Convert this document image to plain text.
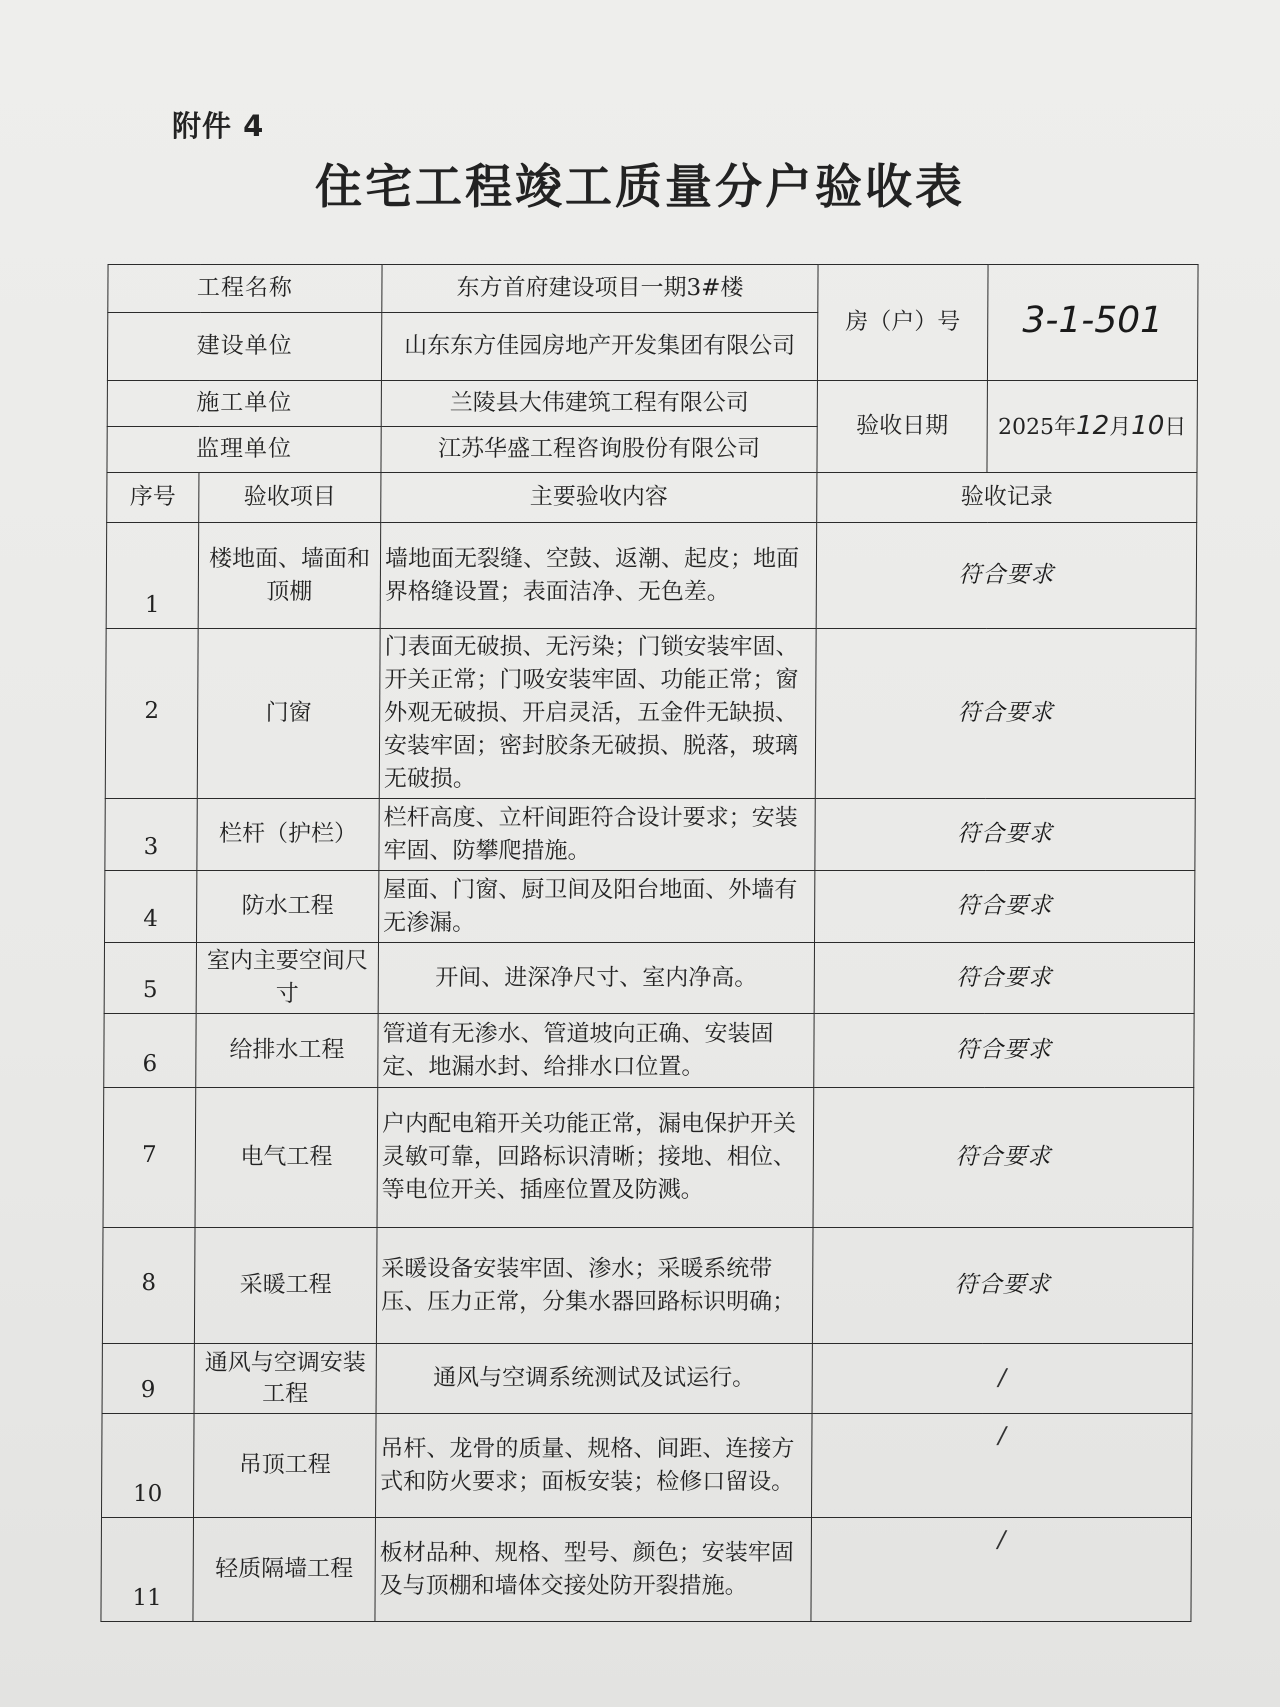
附件 4
住宅工程竣工质量分户验收表
工程名称		东方首府建设项目一期3#楼	房（户）号	3-1-501
建设单位		山东东方佳园房地产开发集团有限公司		
施工单位		兰陵县大伟建筑工程有限公司	验收日期	2025年12月10日
监理单位		江苏华盛工程咨询股份有限公司		
序号	验收项目	主要验收内容	验收记录	
1	楼地面、墙面和顶棚	墙地面无裂缝、空鼓、返潮、起皮；地面界格缝设置；表面洁净、无色差。	符合要求	
2	门窗	门表面无破损、无污染；门锁安装牢固、开关正常；门吸安装牢固、功能正常；窗外观无破损、开启灵活，五金件无缺损、 安装牢固；密封胶条无破损、脱落，玻璃无破损。	符合要求	
3	栏杆（护栏）	栏杆高度、立杆间距符合设计要求；安装牢固、防攀爬措施。	符合要求	
4	防水工程	屋面、门窗、厨卫间及阳台地面、外墙有无渗漏。	符合要求	
5	室内主要空间尺寸	开间、进深净尺寸、室内净高。	符合要求	
6	给排水工程	管道有无渗水、管道坡向正确、安装固定、地漏水封、给排水口位置。	符合要求	
7	电气工程	户内配电箱开关功能正常，漏电保护开关灵敏可靠，回路标识清晰；接地、相位、等电位开关、插座位置及防溅。	符合要求	
8	采暖工程	采暖设备安装牢固、渗水；采暖系统带压、压力正常，分集水器回路标识明确；	符合要求	
9	通风与空调安装工程	通风与空调系统测试及试运行。	/	
10	吊顶工程	吊杆、龙骨的质量、规格、间距、连接方式和防火要求；面板安装；检修口留设。	/	
11	轻质隔墙工程	板材品种、规格、型号、颜色；安装牢固及与顶棚和墙体交接处防开裂措施。	/	
